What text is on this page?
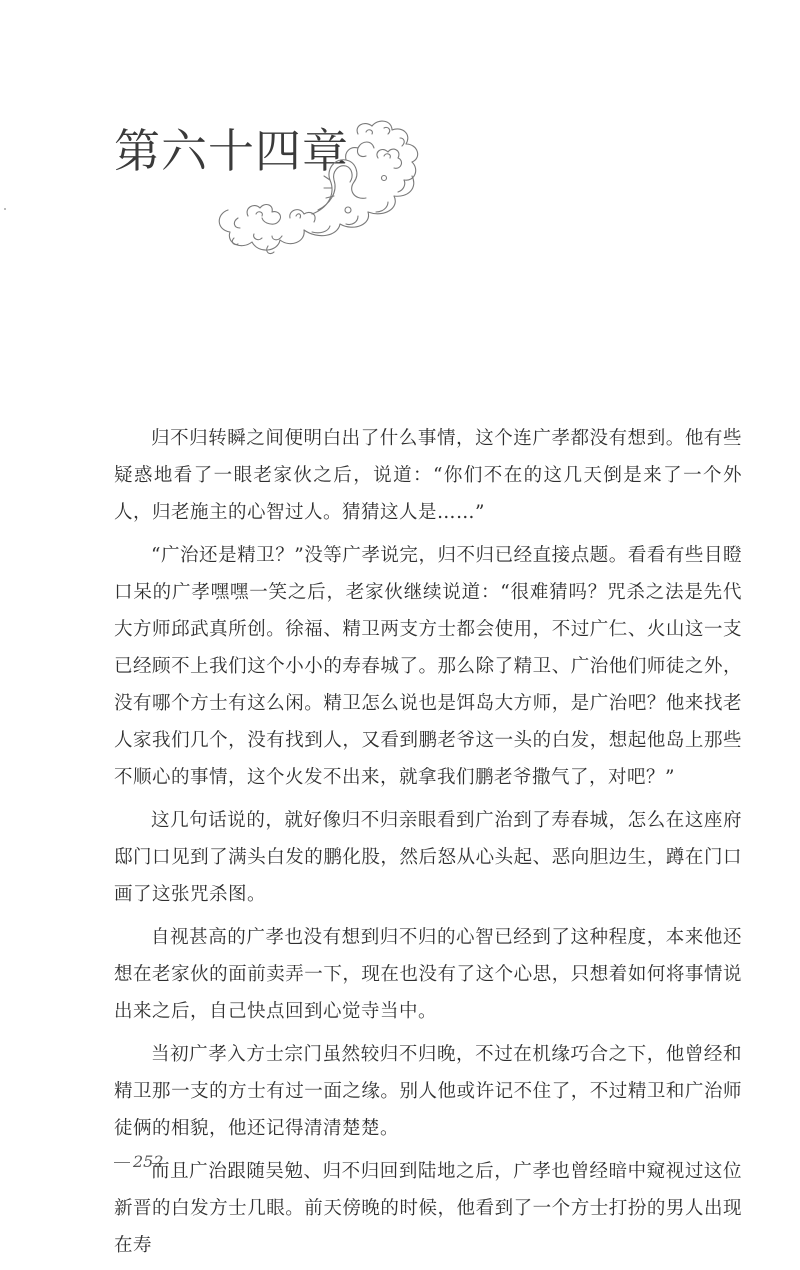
第六十四章

归不归转瞬之间便明白出了什么事情，这个连广孝都没有想到。他有些疑惑地看了一眼老家伙之后，说道：“你们不在的这几天倒是来了一个外人，归老施主的心智过人。猜猜这人是……”

“广治还是精卫？”没等广孝说完，归不归已经直接点题。看看有些目瞪口呆的广孝嘿嘿一笑之后，老家伙继续说道：“很难猜吗？咒杀之法是先代大方师邱武真所创。徐福、精卫两支方士都会使用，不过广仁、火山这一支已经顾不上我们这个小小的寿春城了。那么除了精卫、广治他们师徒之外，没有哪个方士有这么闲。精卫怎么说也是饵岛大方师，是广治吧？他来找老人家我们几个，没有找到人，又看到鹏老爷这一头的白发，想起他岛上那些不顺心的事情，这个火发不出来，就拿我们鹏老爷撒气了，对吧？”

这几句话说的，就好像归不归亲眼看到广治到了寿春城，怎么在这座府邸门口见到了满头白发的鹏化股，然后怒从心头起、恶向胆边生，蹲在门口画了这张咒杀图。

自视甚高的广孝也没有想到归不归的心智已经到了这种程度，本来他还想在老家伙的面前卖弄一下，现在也没有了这个心思，只想着如何将事情说出来之后，自己快点回到心觉寺当中。

当初广孝入方士宗门虽然较归不归晚，不过在机缘巧合之下，他曾经和精卫那一支的方士有过一面之缘。别人他或许记不住了，不过精卫和广治师徒俩的相貌，他还记得清清楚楚。

而且广治跟随吴勉、归不归回到陆地之后，广孝也曾经暗中窥视过这位新晋的白发方士几眼。前天傍晚的时候，他看到了一个方士打扮的男人出现在寿

252
